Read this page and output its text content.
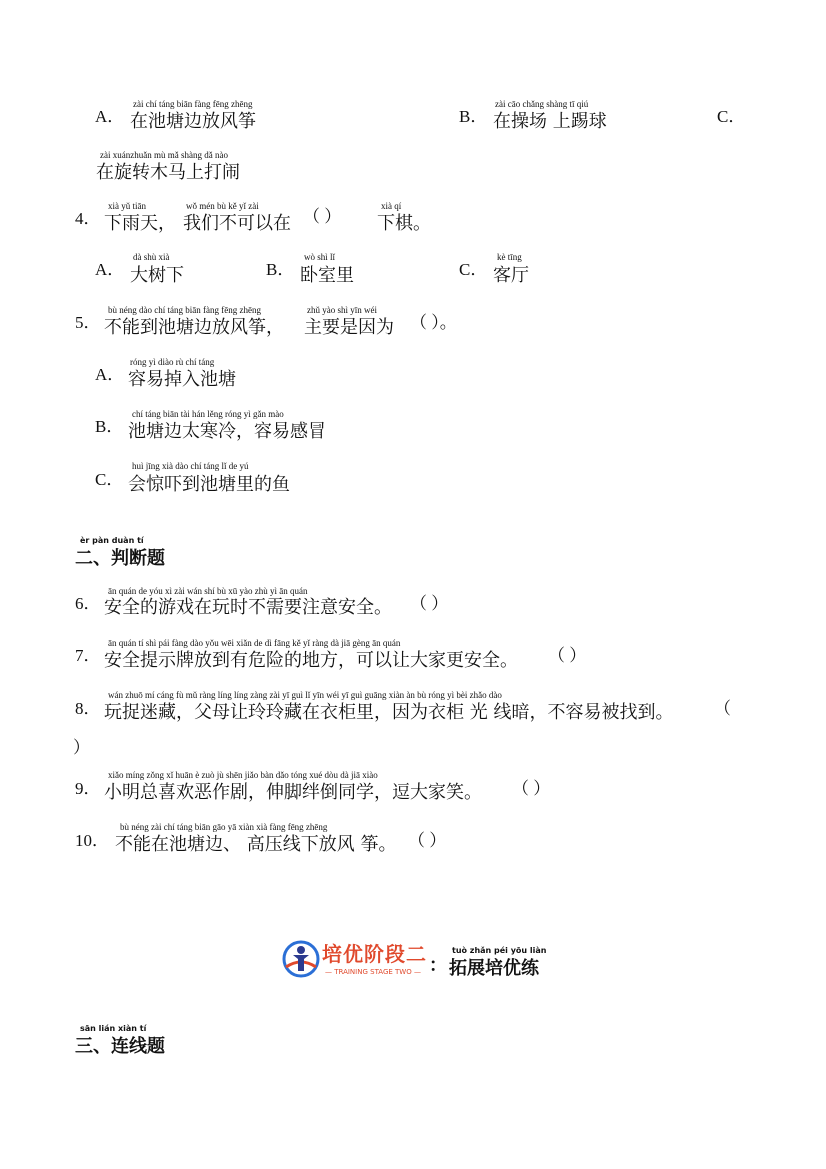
A．
zài chí táng biān fàng fēng zhēng
在池塘边放风筝	B．
zài cāo chǎng shàng tī qiú
在操场 上踢球	C．
zài xuánzhuǎn mù mǎ shàng dǎ nào
在旋转木马上打闹
4．
xià yǔ tiān
下雨天，
wǒ mén bù kě yǐ zài
我们不可以在 （ ）
xià qí
下棋。
A．
dà shù xià
大树下	B．
wò shì lǐ
卧室里	C．
kè tīng
客厅
5．
bù néng dào chí táng biān fàng fēng zhēng
不能到池塘边放风筝，
zhǔ yào shì yīn wéi
主要是因为 （ ）。
A．
róng yì diào rù chí táng
容易掉入池塘
B．
chí táng biān tài hán lěng róng yì gǎn mào
池塘边太寒冷，容易感冒
C．
huì jīng xià dào chí táng lǐ de yú
会惊吓到池塘里的鱼
èr pàn duàn tí
二、判断题
6．
ān quán de yóu xì zài wán shí bù xū yào zhù yì ān quán
安全的游戏在玩时不需要注意安全。 （ ）
7．
ān quán tí shì pái fàng dào yǒu wēi xiǎn de dì fāng kě yǐ ràng dà jiā gèng ān quán
安全提示牌放到有危险的地方，可以让大家更安全。 （ ）
8．
wán zhuō mí cáng fù mǔ ràng líng líng zàng zài yī guì lǐ yīn wéi yī guì guāng xiàn àn bù róng yì bèi zhǎo dào
玩捉迷藏，父母让玲玲藏在衣柜里，因为衣柜 光 线暗，不容易被找到。 （
）
9．
xiǎo míng zǒng xǐ huān è zuò jù shēn jiǎo bàn dǎo tóng xué dòu dà jiā xiào
小明总喜欢恶作剧，伸脚绊倒同学，逗大家笑。 （ ）
10．
bù néng zài chí táng biān gāo yā xiàn xià fàng fēng zhēng
不能在池塘边、 高压线下放风 筝。 （ ）
培优阶段二
— TRAINING STAGE TWO — ：
tuò zhǎn péi yōu liàn
拓展培优练
sān lián xiàn tí
三、连线题
